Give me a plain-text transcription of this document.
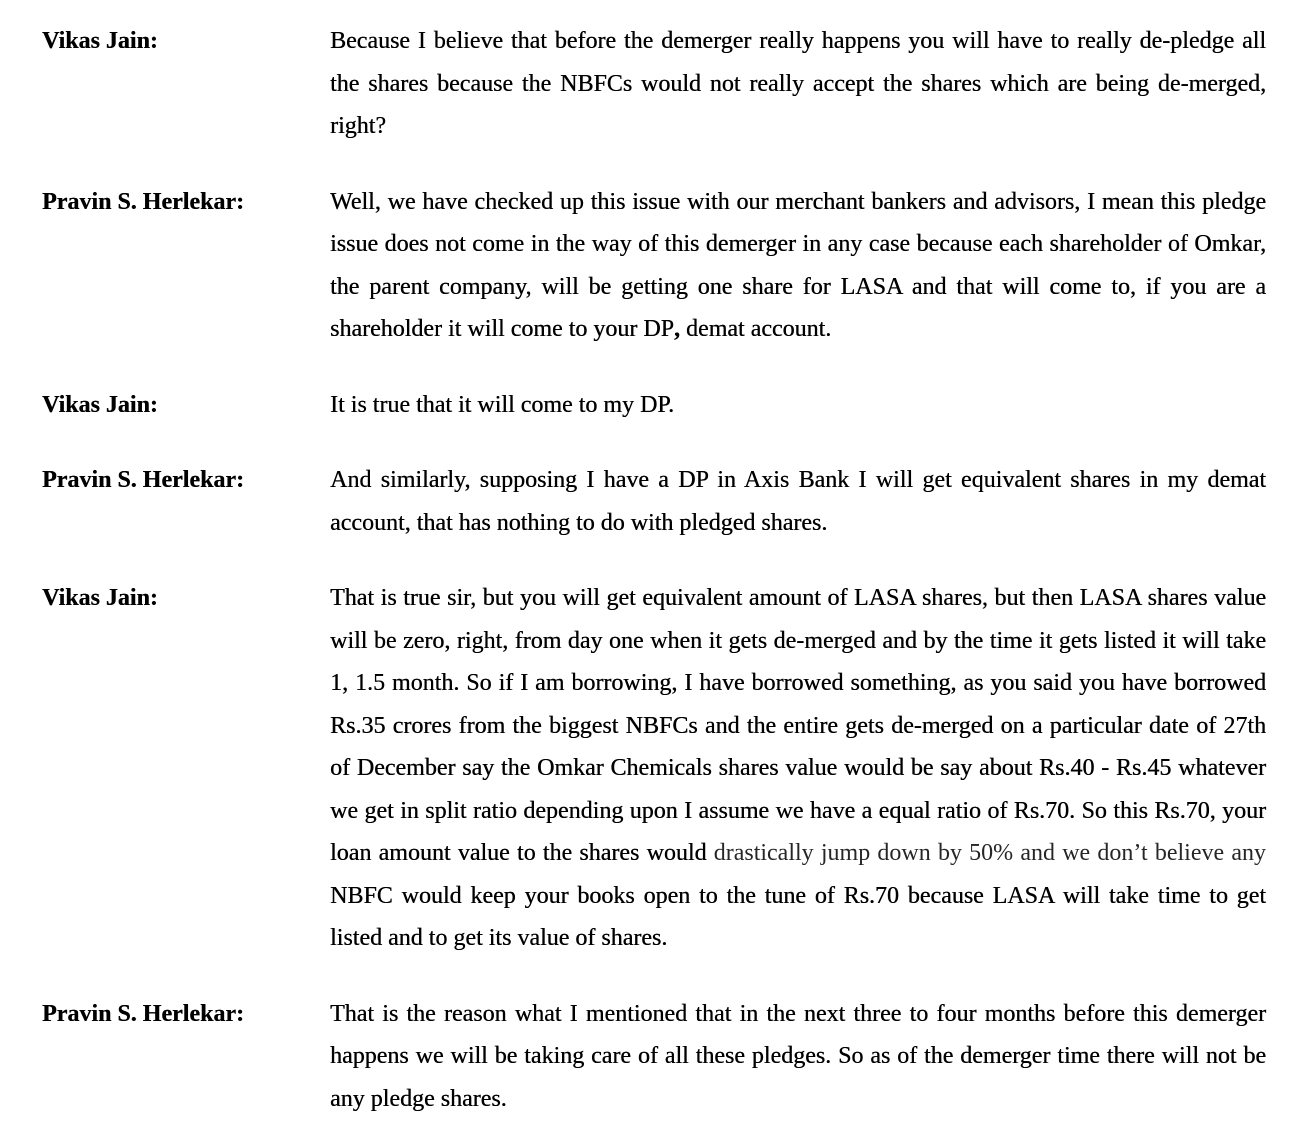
Vikas Jain:	Because I believe that before the demerger really happens you will have to really de-pledge all the shares because the NBFCs would not really accept the shares which are being de-merged, right?
Pravin S. Herlekar:	Well, we have checked up this issue with our merchant bankers and advisors, I mean this pledge issue does not come in the way of this demerger in any case because each shareholder of Omkar, the parent company, will be getting one share for LASA and that will come to, if you are a shareholder it will come to your DP, demat account.
Vikas Jain:	It is true that it will come to my DP.
Pravin S. Herlekar:	And similarly, supposing I have a DP in Axis Bank I will get equivalent shares in my demat account, that has nothing to do with pledged shares.
Vikas Jain:	That is true sir, but you will get equivalent amount of LASA shares, but then LASA shares value will be zero, right, from day one when it gets de-merged and by the time it gets listed it will take 1, 1.5 month. So if I am borrowing, I have borrowed something, as you said you have borrowed Rs.35 crores from the biggest NBFCs and the entire gets de-merged on a particular date of 27th of December say the Omkar Chemicals shares value would be say about Rs.40 - Rs.45 whatever we get in split ratio depending upon I assume we have a equal ratio of Rs.70. So this Rs.70, your loan amount value to the shares would drastically jump down by 50% and we don’t believe any NBFC would keep your books open to the tune of Rs.70 because LASA will take time to get listed and to get its value of shares.
Pravin S. Herlekar:	That is the reason what I mentioned that in the next three to four months before this demerger happens we will be taking care of all these pledges. So as of the demerger time there will not be any pledge shares.
